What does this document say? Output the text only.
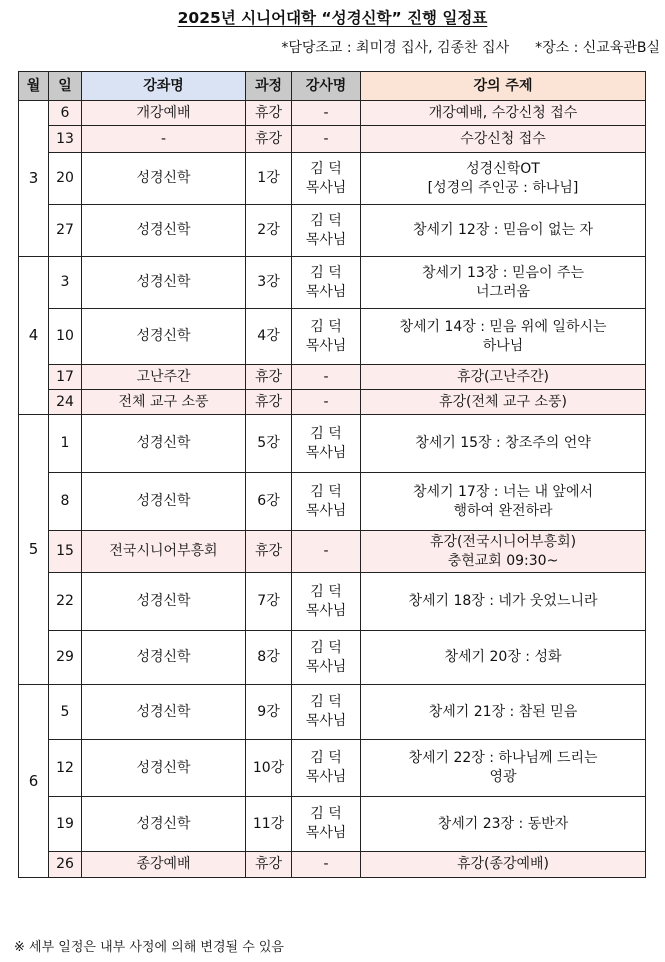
2025년 시니어대학 “성경신학” 진행 일정표
*담당조교 : 최미경 집사, 김종찬 집사 *장소 : 신교육관B실
월	일	강좌명	과정	강사명	강의 주제
3	6	개강예배	휴강	-	개강예배, 수강신청 접수
	13	-	휴강	-	수강신청 접수
	20	성경신학	1강	김 덕
목사님	성경신학OT
[성경의 주인공 : 하나님]
	27	성경신학	2강	김 덕
목사님	창세기 12장 : 믿음이 없는 자
4	3	성경신학	3강	김 덕
목사님	창세기 13장 : 믿음이 주는
너그러움
	10	성경신학	4강	김 덕
목사님	창세기 14장 : 믿음 위에 일하시는
하나님
	17	고난주간	휴강	-	휴강(고난주간)
	24	전체 교구 소풍	휴강	-	휴강(전체 교구 소풍)
5	1	성경신학	5강	김 덕
목사님	창세기 15장 : 창조주의 언약
	8	성경신학	6강	김 덕
목사님	창세기 17장 : 너는 내 앞에서
행하여 완전하라
	15	전국시니어부흥회	휴강	-	휴강(전국시니어부흥회)
충현교회 09:30~
	22	성경신학	7강	김 덕
목사님	창세기 18장 : 네가 웃었느니라
	29	성경신학	8강	김 덕
목사님	창세기 20장 : 성화
6	5	성경신학	9강	김 덕
목사님	창세기 21장 : 참된 믿음
	12	성경신학	10강	김 덕
목사님	창세기 22장 : 하나님께 드리는
영광
	19	성경신학	11강	김 덕
목사님	창세기 23장 : 동반자
	26	종강예배	휴강	-	휴강(종강예배)
※ 세부 일정은 내부 사정에 의해 변경될 수 있음
